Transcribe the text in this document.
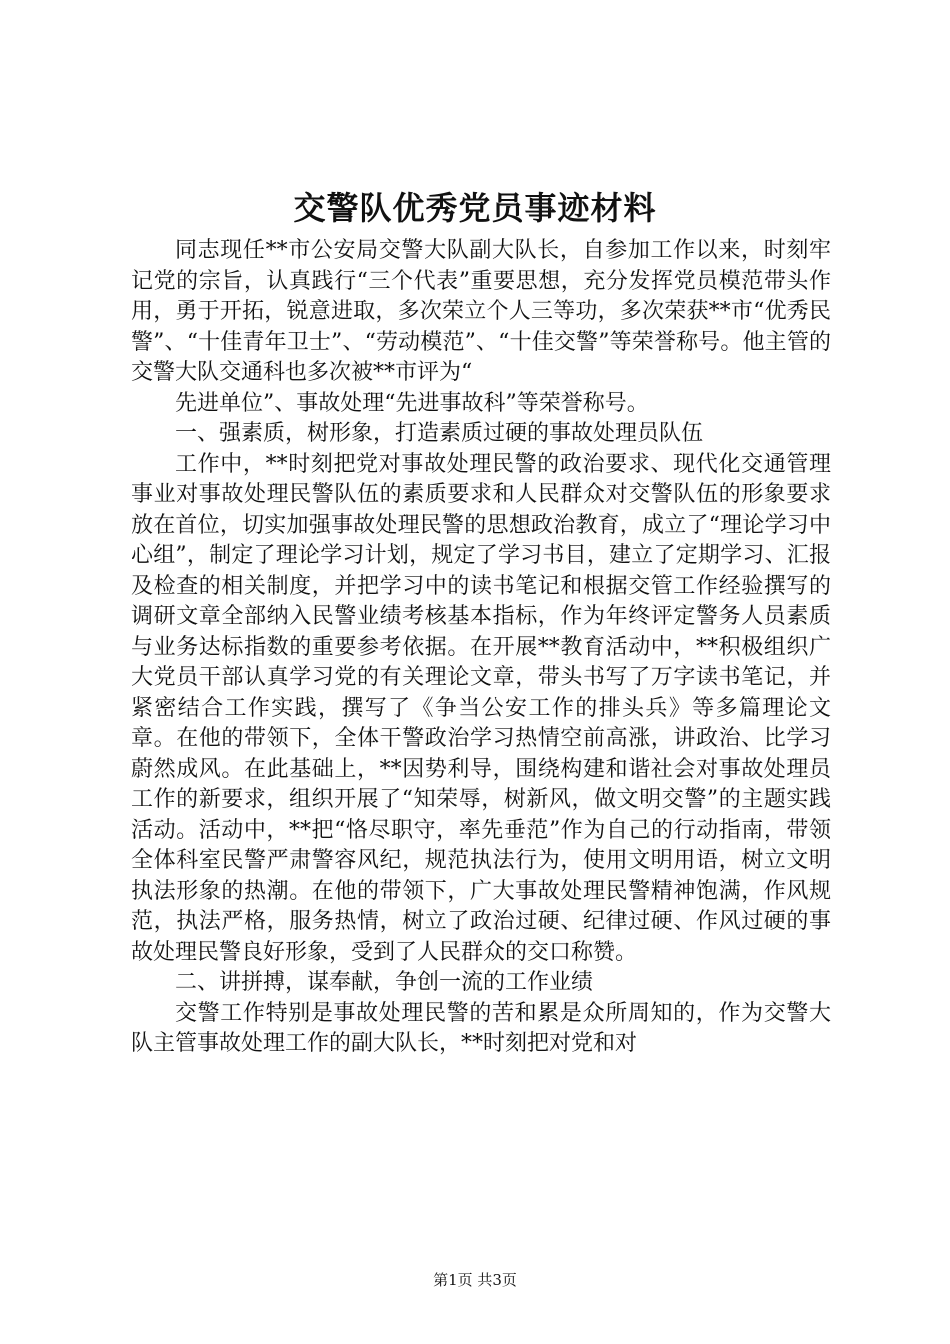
交警队优秀党员事迹材料

同志现任**市公安局交警大队副大队长，自参加工作以来，时刻牢记党的宗旨，认真践行“三个代表”重要思想，充分发挥党员模范带头作用，勇于开拓，锐意进取，多次荣立个人三等功，多次荣获**市“优秀民警”、“十佳青年卫士”、“劳动模范”、“十佳交警”等荣誉称号。他主管的交警大队交通科也多次被**市评为“

先进单位”、事故处理“先进事故科”等荣誉称号。

一、强素质，树形象，打造素质过硬的事故处理员队伍

工作中，**时刻把党对事故处理民警的政治要求、现代化交通管理事业对事故处理民警队伍的素质要求和人民群众对交警队伍的形象要求放在首位，切实加强事故处理民警的思想政治教育，成立了“理论学习中心组”，制定了理论学习计划，规定了学习书目，建立了定期学习、汇报及检查的相关制度，并把学习中的读书笔记和根据交管工作经验撰写的调研文章全部纳入民警业绩考核基本指标，作为年终评定警务人员素质与业务达标指数的重要参考依据。在开展**教育活动中，**积极组织广大党员干部认真学习党的有关理论文章，带头书写了万字读书笔记，并紧密结合工作实践，撰写了《争当公安工作的排头兵》等多篇理论文章。在他的带领下，全体干警政治学习热情空前高涨，讲政治、比学习蔚然成风。在此基础上，**因势利导，围绕构建和谐社会对事故处理员工作的新要求，组织开展了“知荣辱，树新风，做文明交警”的主题实践活动。活动中，**把“恪尽职守，率先垂范”作为自己的行动指南，带领全体科室民警严肃警容风纪，规范执法行为，使用文明用语，树立文明执法形象的热潮。在他的带领下，广大事故处理民警精神饱满，作风规范，执法严格，服务热情，树立了政治过硬、纪律过硬、作风过硬的事故处理民警良好形象，受到了人民群众的交口称赞。

二、讲拼搏，谋奉献，争创一流的工作业绩

交警工作特别是事故处理民警的苦和累是众所周知的，作为交警大队主管事故处理工作的副大队长，**时刻把对党和对

第1页 共3页
